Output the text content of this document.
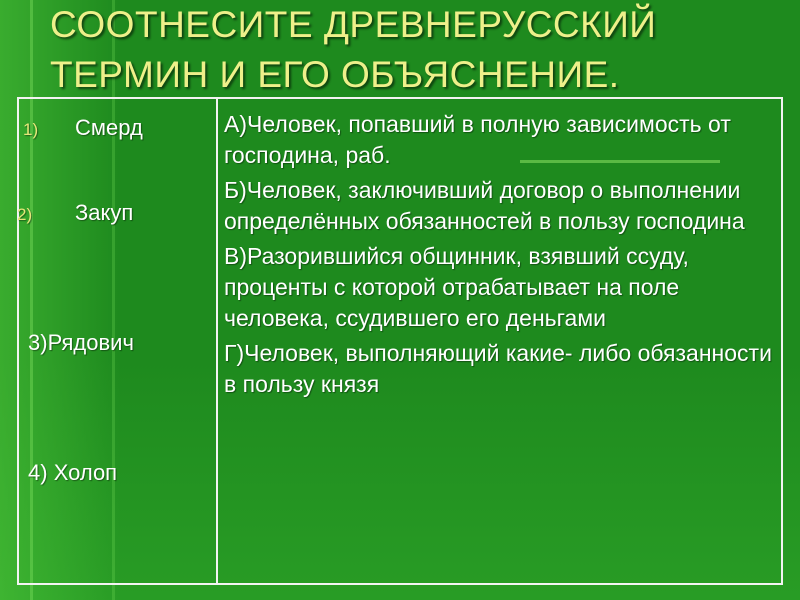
СООТНЕСИТЕ ДРЕВНЕРУССКИЙ
ТЕРМИН И ЕГО ОБЪЯСНЕНИЕ.
1) Смерд
2) Закуп
3)Рядович
4) Холоп

А)Человек, попавший в полную зависимость от господина, раб.

Б)Человек, заключивший договор о выполнении определённых обязанностей в пользу господина

В)Разорившийся общинник, взявший ссуду, проценты с которой отрабатывает на поле человека, ссудившего его деньгами

Г)Человек, выполняющий какие- либо обязанности в пользу князя
